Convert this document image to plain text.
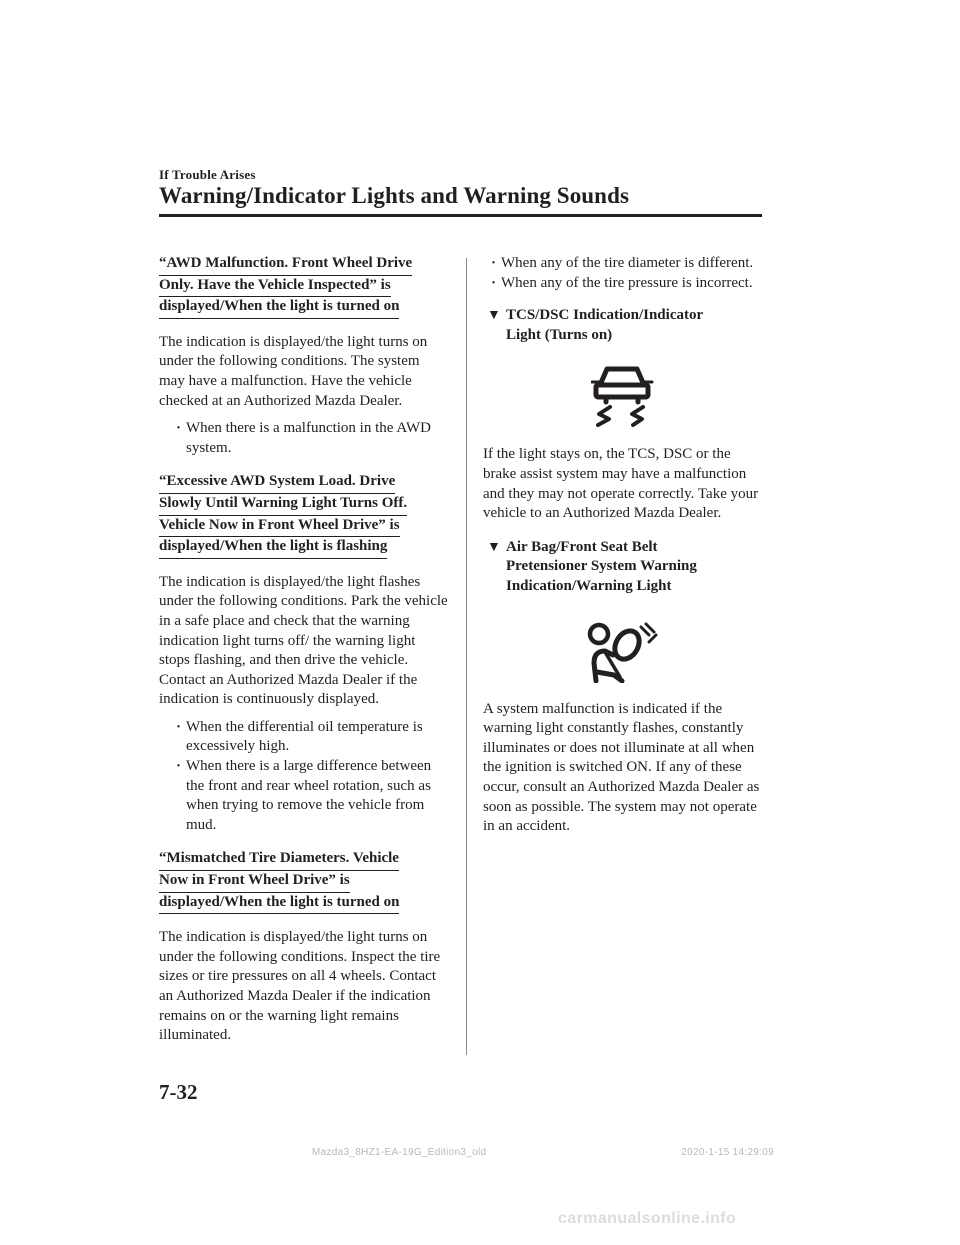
If Trouble Arises
Warning/Indicator Lights and Warning Sounds
“AWD Malfunction. Front Wheel Drive
Only. Have the Vehicle Inspected” is
displayed/When the light is turned on

The indication is displayed/the light turns on under the following conditions. The system may have a malfunction. Have the vehicle checked at an Authorized Mazda Dealer.

· When there is a malfunction in the AWD system.
“Excessive AWD System Load. Drive
Slowly Until Warning Light Turns Off.
Vehicle Now in Front Wheel Drive” is
displayed/When the light is flashing

The indication is displayed/the light flashes under the following conditions. Park the vehicle in a safe place and check that the warning indication light turns off/ the warning light stops flashing, and then drive the vehicle. Contact an Authorized Mazda Dealer if the indication is continuously displayed.

· When the differential oil temperature is excessively high.
· When there is a large difference between the front and rear wheel rotation, such as when trying to remove the vehicle from mud.
“Mismatched Tire Diameters. Vehicle
Now in Front Wheel Drive” is
displayed/When the light is turned on

The indication is displayed/the light turns on under the following conditions. Inspect the tire sizes or tire pressures on all 4 wheels. Contact an Authorized Mazda Dealer if the indication remains on or the warning light remains illuminated.

· When any of the tire diameter is different.
· When any of the tire pressure is incorrect.
▼ TCS/DSC Indication/Indicator
Light (Turns on)

If the light stays on, the TCS, DSC or the brake assist system may have a malfunction and they may not operate correctly. Take your vehicle to an Authorized Mazda Dealer.

▼ Air Bag/Front Seat Belt
Pretensioner System Warning
Indication/Warning Light

A system malfunction is indicated if the warning light constantly flashes, constantly illuminates or does not illuminate at all when the ignition is switched ON. If any of these occur, consult an Authorized Mazda Dealer as soon as possible. The system may not operate in an accident.

7-32
Mazda3_8HZ1-EA-19G_Edition3_old	2020-1-15 14:29:09
carmanualsonline.info
